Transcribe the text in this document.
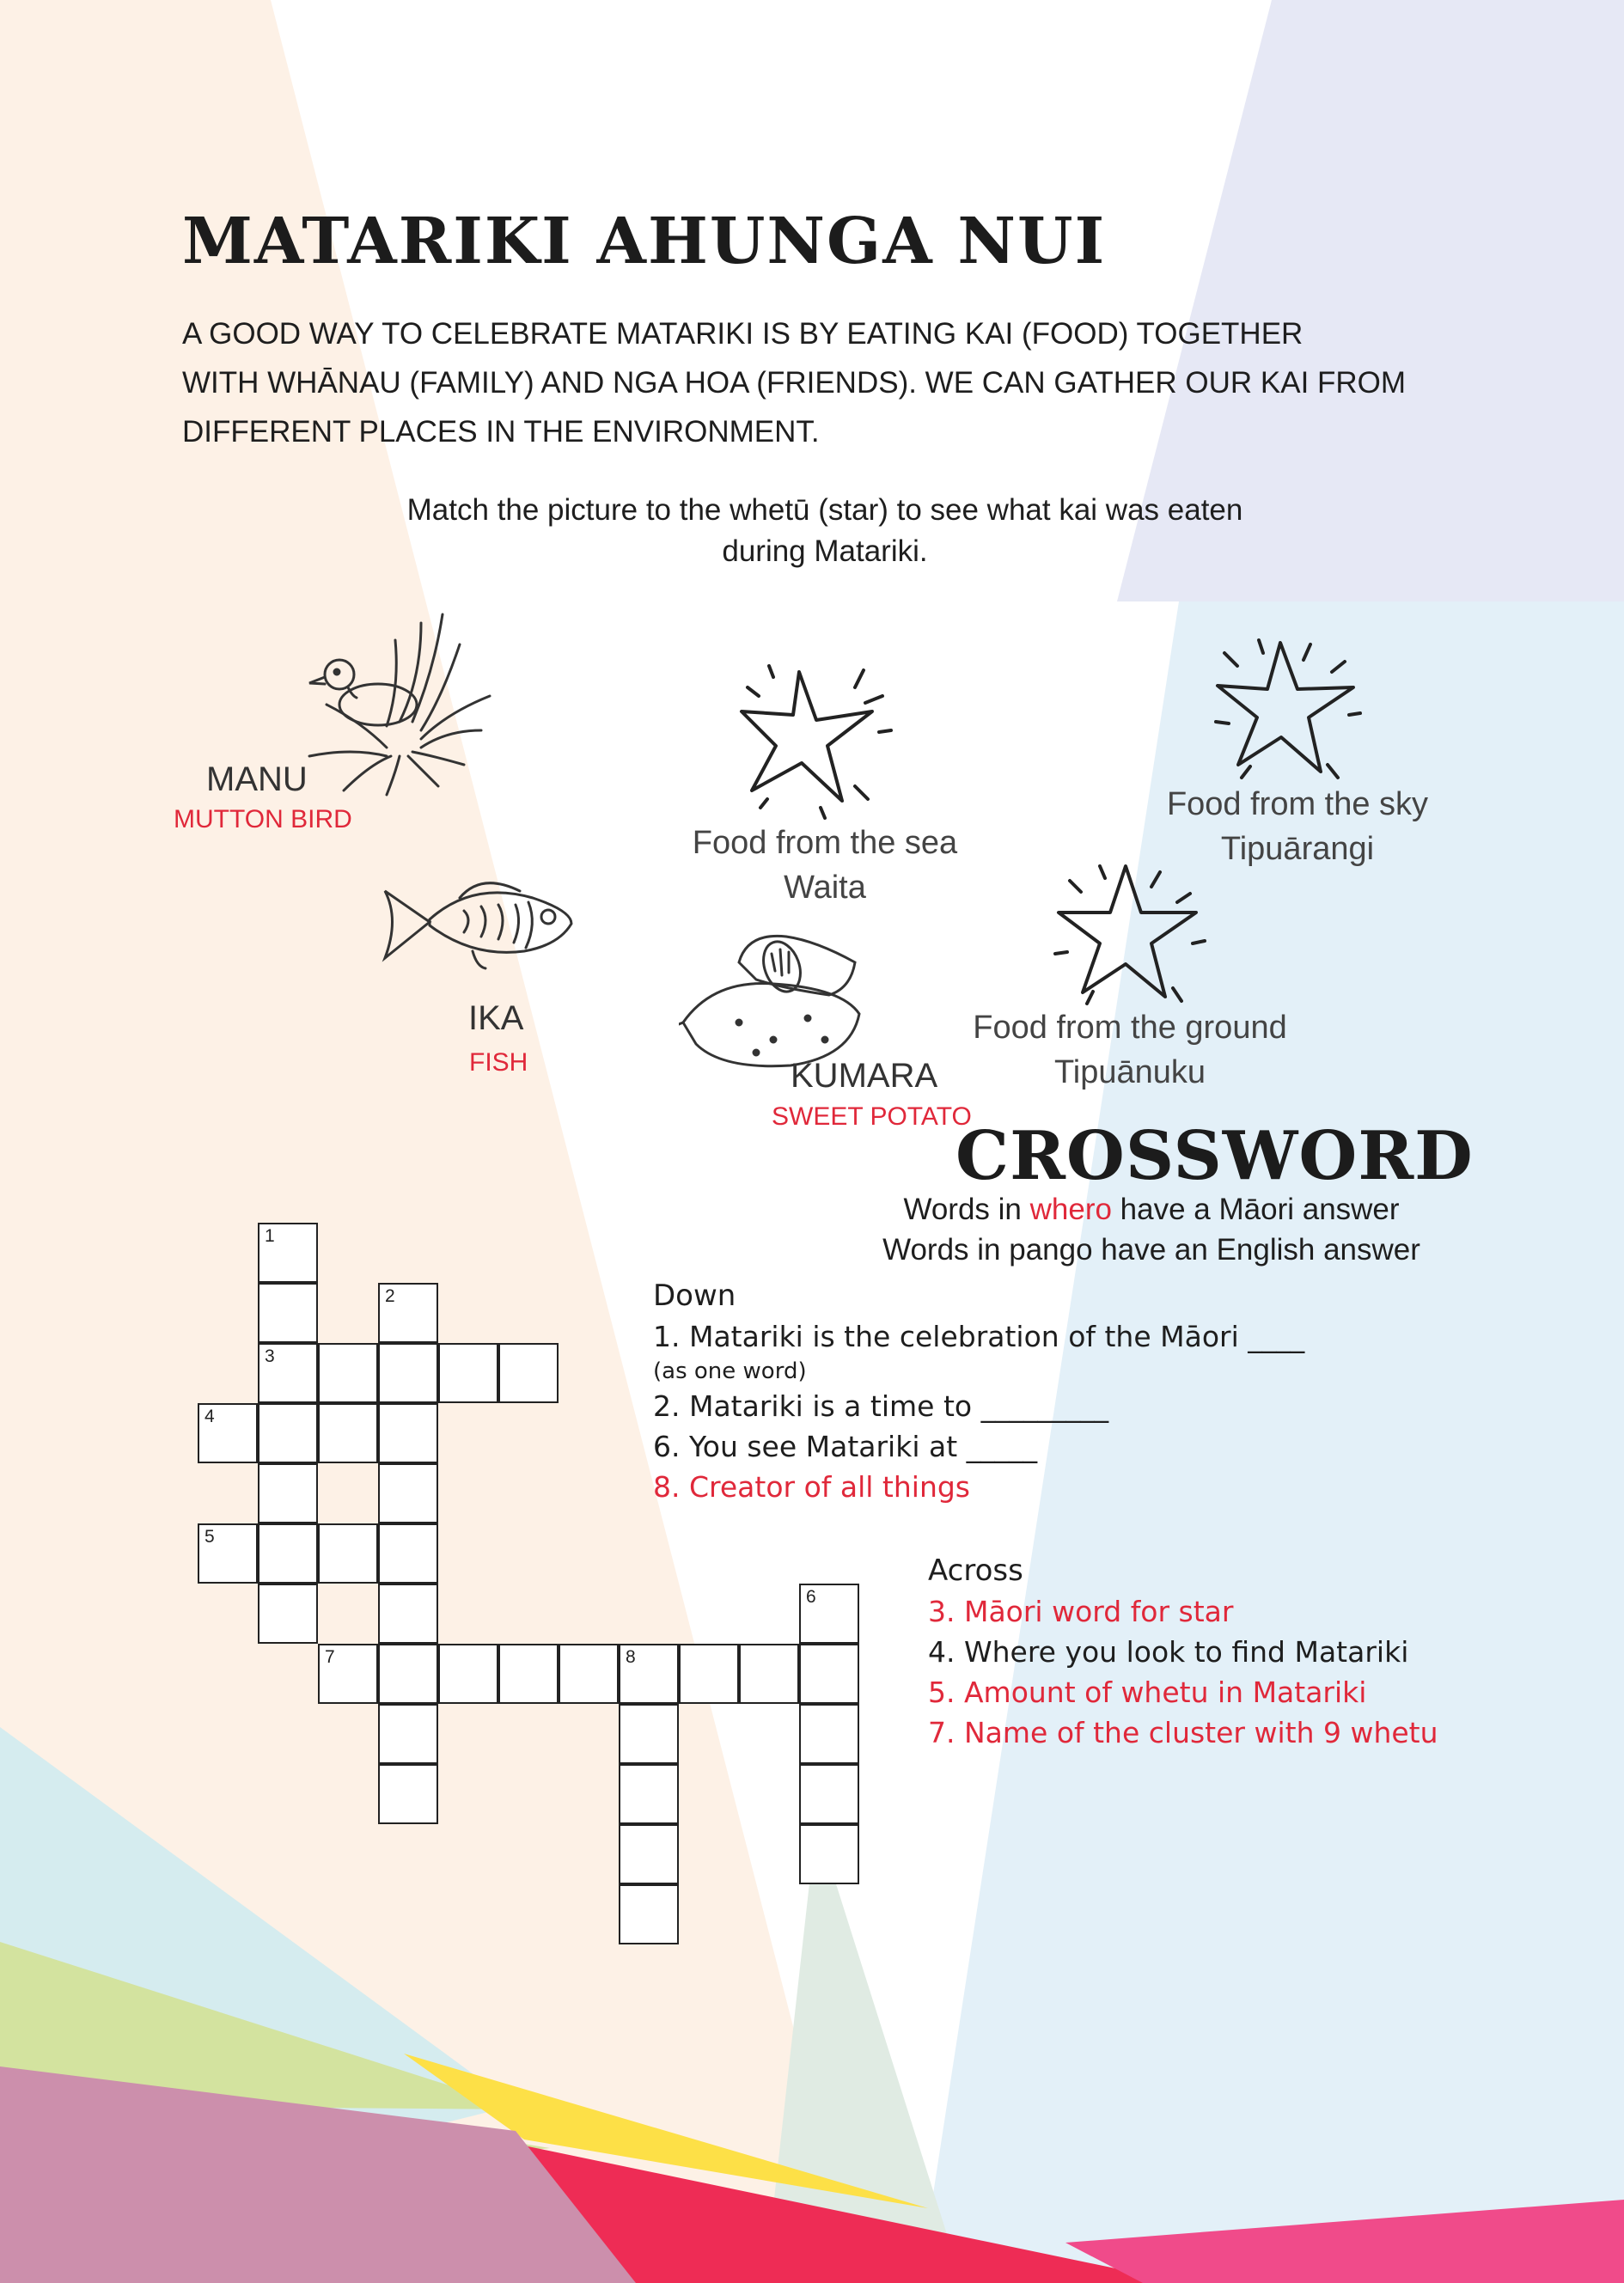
MATARIKI AHUNGA NUI
A GOOD WAY TO CELEBRATE MATARIKI IS BY EATING KAI (FOOD) TOGETHER
WITH WHĀNAU (FAMILY) AND NGA HOA (FRIENDS). WE CAN GATHER OUR KAI FROM
DIFFERENT PLACES IN THE ENVIRONMENT.
Match the picture to the whetū (star) to see what kai was eaten
during Matariki.
MANU
MUTTON BIRD
IKA
FISH	KUMARA
SWEET POTATO
Food from the sea
Waita
Food from the sky
Tipuārangi
Food from the ground
Tipuānuku
CROSSWORD
Words in whero have a Māori answer
Words in pango have an English answer
Down
1. Matariki is the celebration of the Māori ____
(as one word)
2. Matariki is a time to _________
6. You see Matariki at _____
8. Creator of all things
Across
3. Māori word for star
4. Where you look to find Matariki
5. Amount of whetu in Matariki
7. Name of the cluster with 9 whetu
1
3
2
4
5
6
7	8
